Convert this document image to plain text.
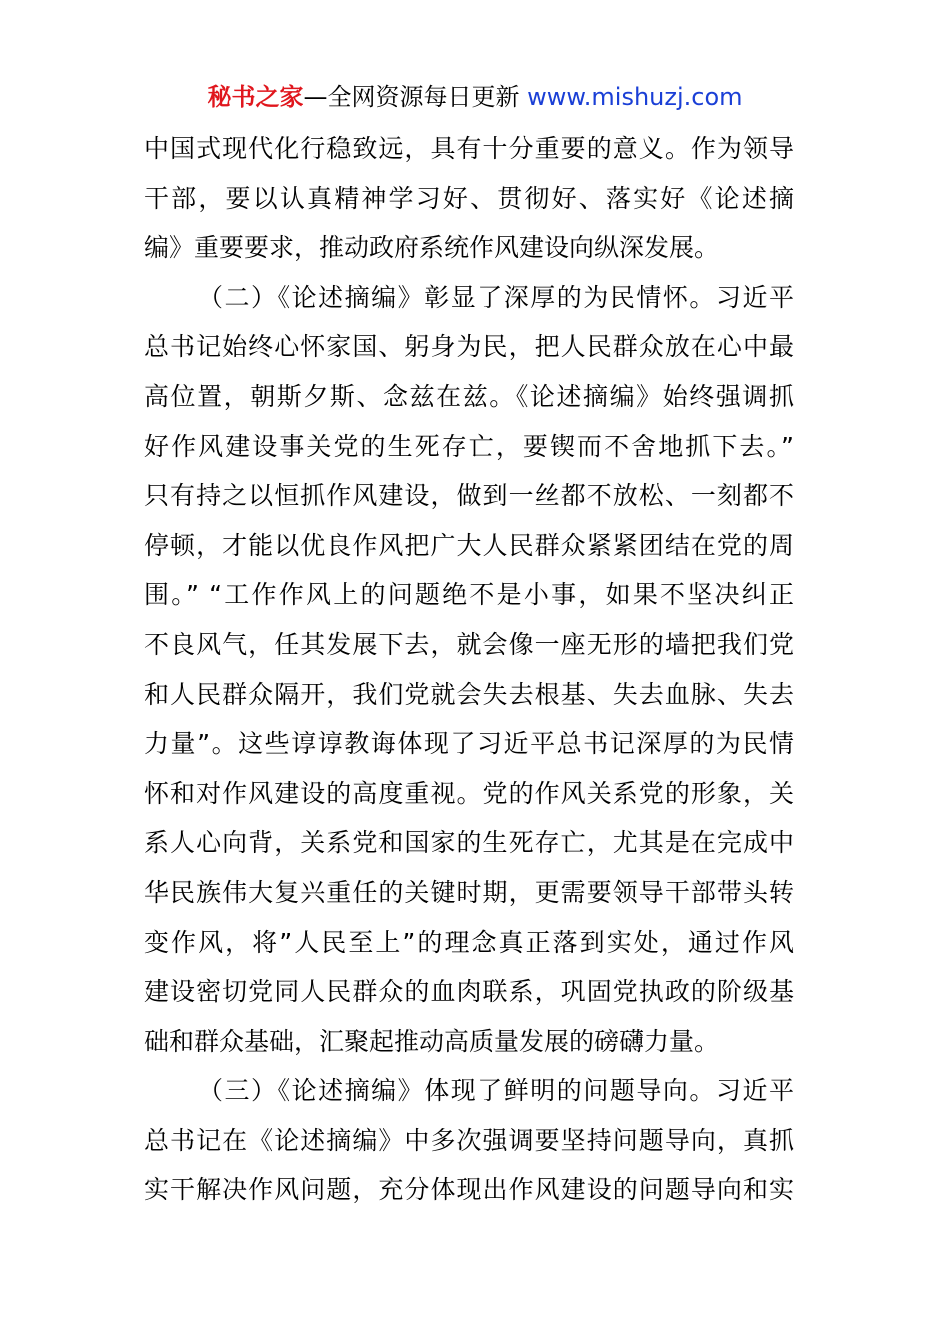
秘书之家—全网资源每日更新 www.mishuzj.com
中国式现代化行稳致远，具有十分重要的意义。作为领导
干部，要以认真精神学习好、贯彻好、落实好《论述摘
编》重要要求，推动政府系统作风建设向纵深发展。
（二）《论述摘编》彰显了深厚的为民情怀。习近平
总书记始终心怀家国、躬身为民，把人民群众放在心中最
高位置，朝斯夕斯、念兹在兹。《论述摘编》始终强调抓
好作风建设事关党的生死存亡，要锲而不舍地抓下去。”
只有持之以恒抓作风建设，做到一丝都不放松、一刻都不
停顿，才能以优良作风把广大人民群众紧紧团结在党的周
围。” “工作作风上的问题绝不是小事，如果不坚决纠正
不良风气，任其发展下去，就会像一座无形的墙把我们党
和人民群众隔开，我们党就会失去根基、失去血脉、失去
力量”。这些谆谆教诲体现了习近平总书记深厚的为民情
怀和对作风建设的高度重视。党的作风关系党的形象，关
系人心向背，关系党和国家的生死存亡，尤其是在完成中
华民族伟大复兴重任的关键时期，更需要领导干部带头转
变作风，将”人民至上”的理念真正落到实处，通过作风
建设密切党同人民群众的血肉联系，巩固党执政的阶级基
础和群众基础，汇聚起推动高质量发展的磅礴力量。
（三）《论述摘编》体现了鲜明的问题导向。习近平
总书记在《论述摘编》中多次强调要坚持问题导向，真抓
实干解决作风问题，充分体现出作风建设的问题导向和实
